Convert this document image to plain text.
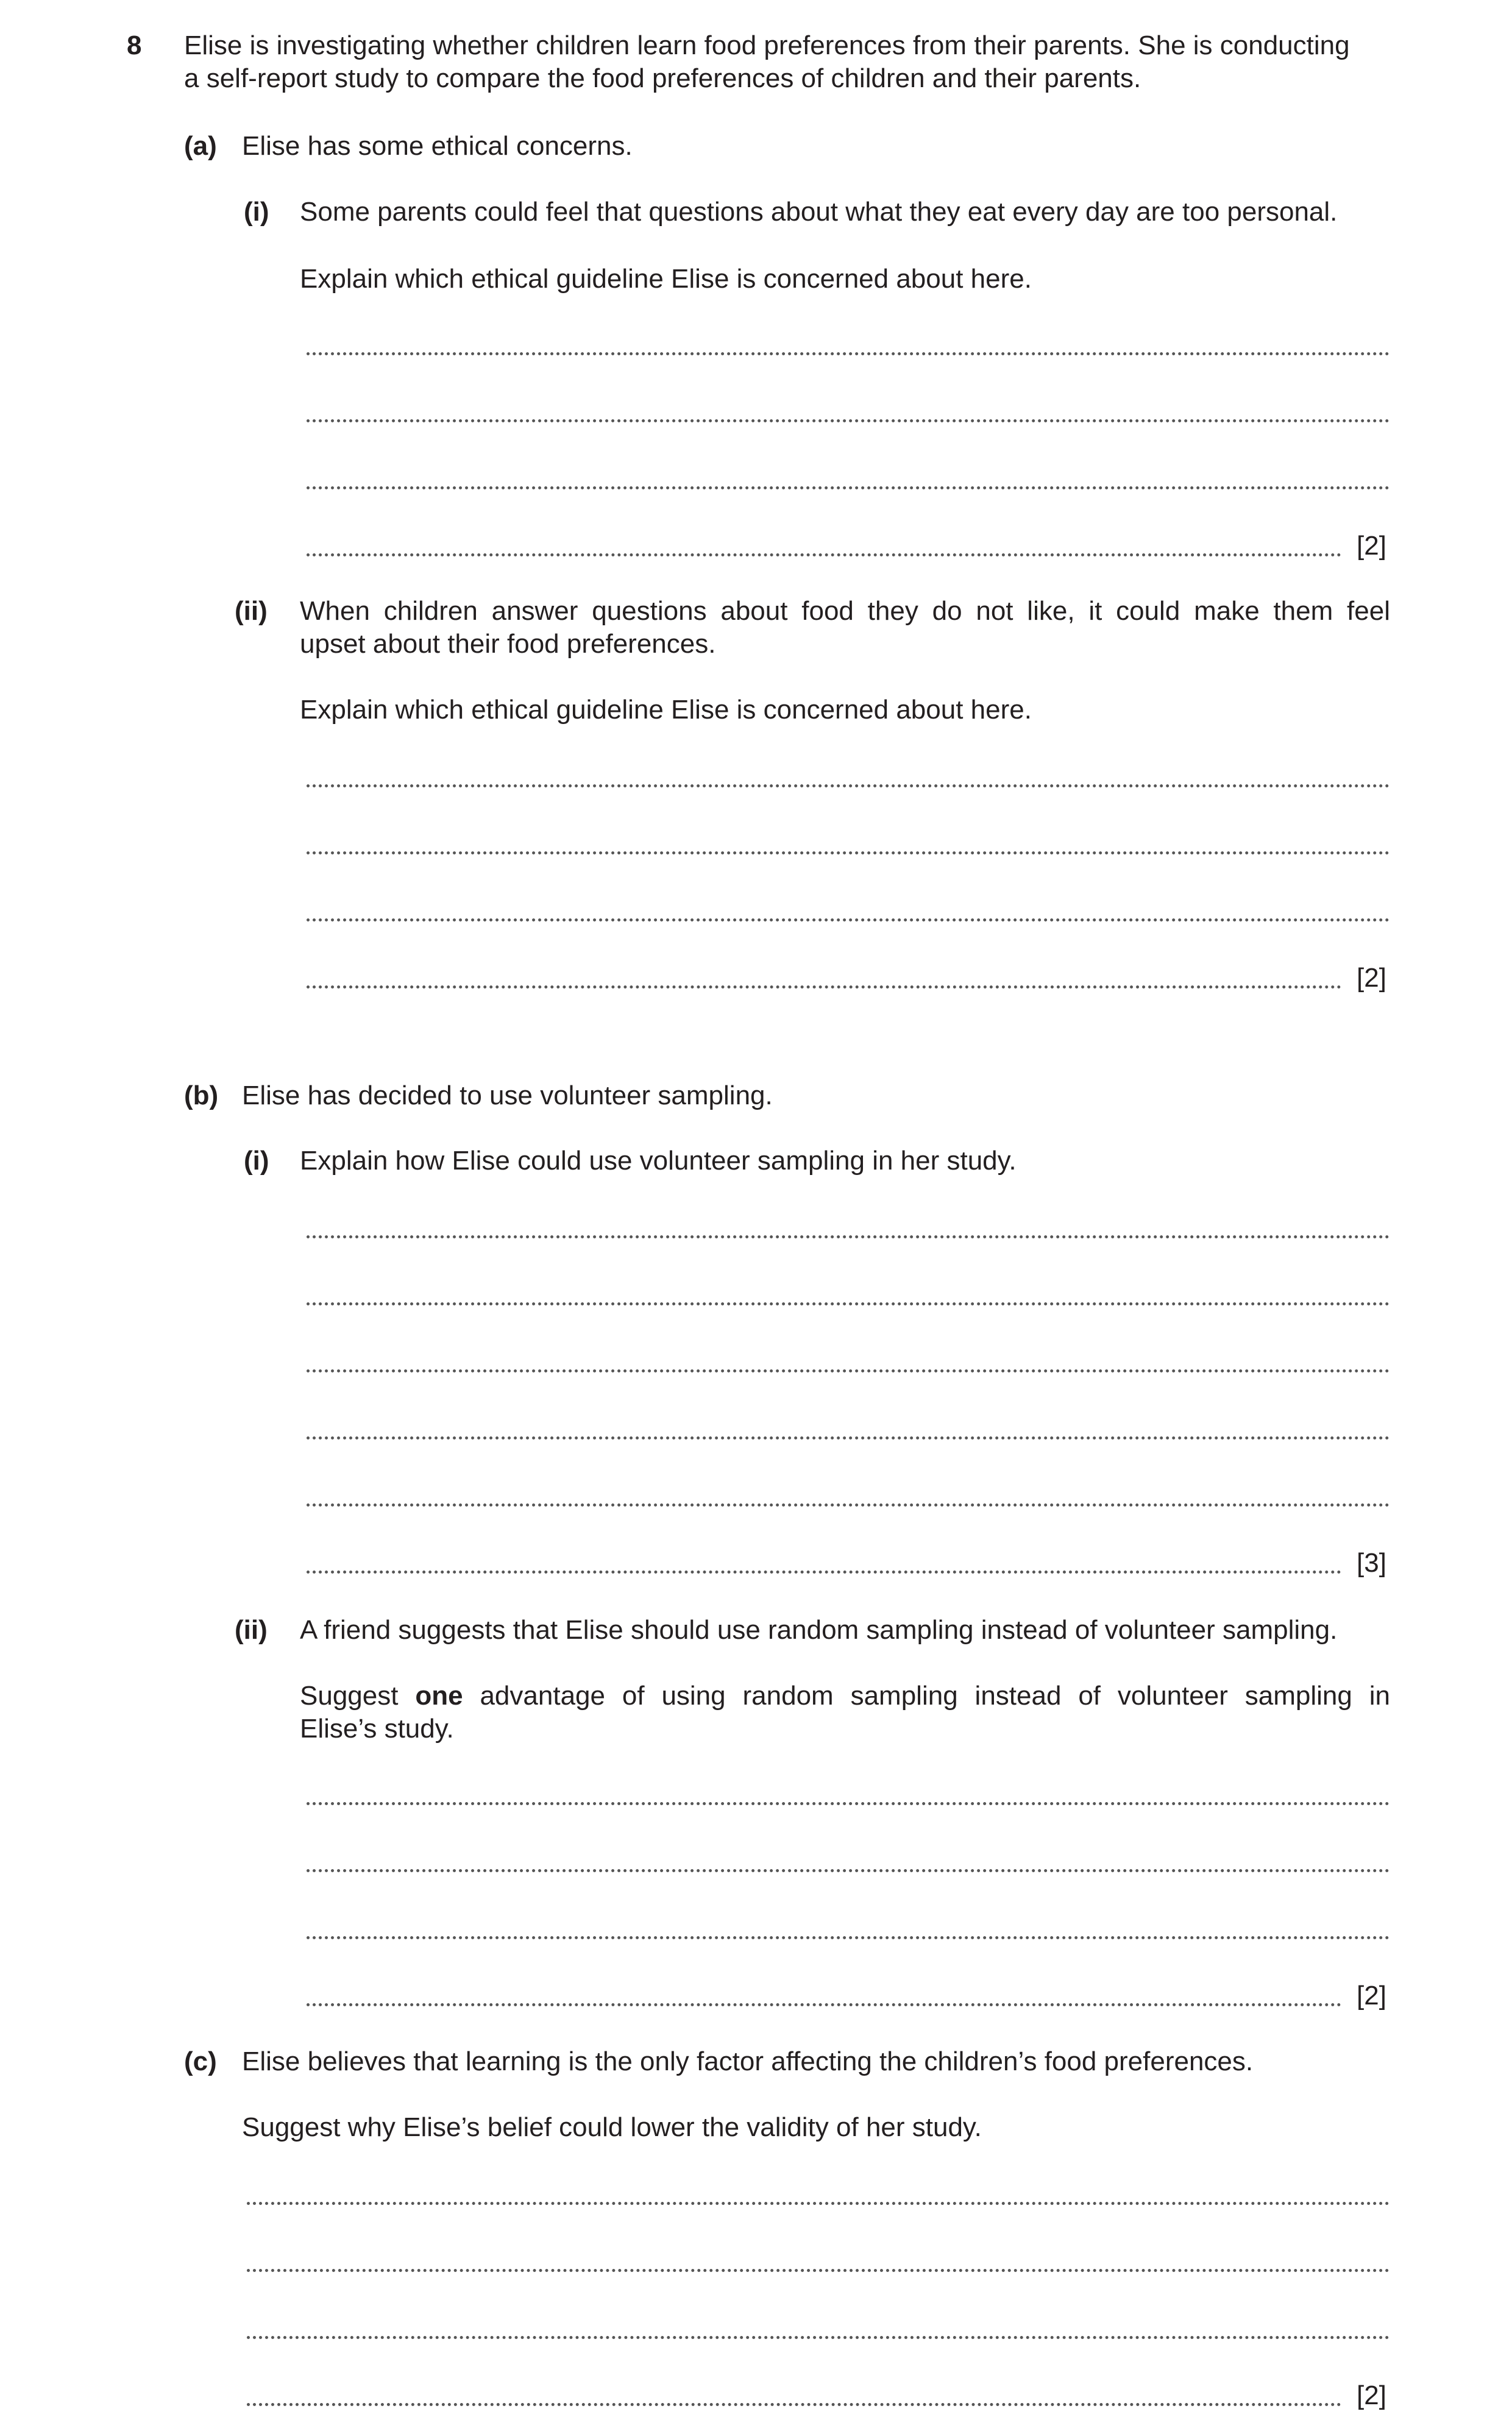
8 Elise is investigating whether children learn food preferences from their parents. She is conducting
a self-report study to compare the food preferences of children and their parents.
(a) Elise has some ethical concerns.
(i) Some parents could feel that questions about what they eat every day are too personal.
Explain which ethical guideline Elise is concerned about here.
[2]
(ii) When children answer questions about food they do not like, it could make them feel
upset about their food preferences.
Explain which ethical guideline Elise is concerned about here.
[2]
(b) Elise has decided to use volunteer sampling.
(i) Explain how Elise could use volunteer sampling in her study.
[3]
(ii) A friend suggests that Elise should use random sampling instead of volunteer sampling.
Suggest one advantage of using random sampling instead of volunteer sampling in
Elise’s study.
[2]
(c) Elise believes that learning is the only factor affecting the children’s food preferences.
Suggest why Elise’s belief could lower the validity of her study.
[2]
